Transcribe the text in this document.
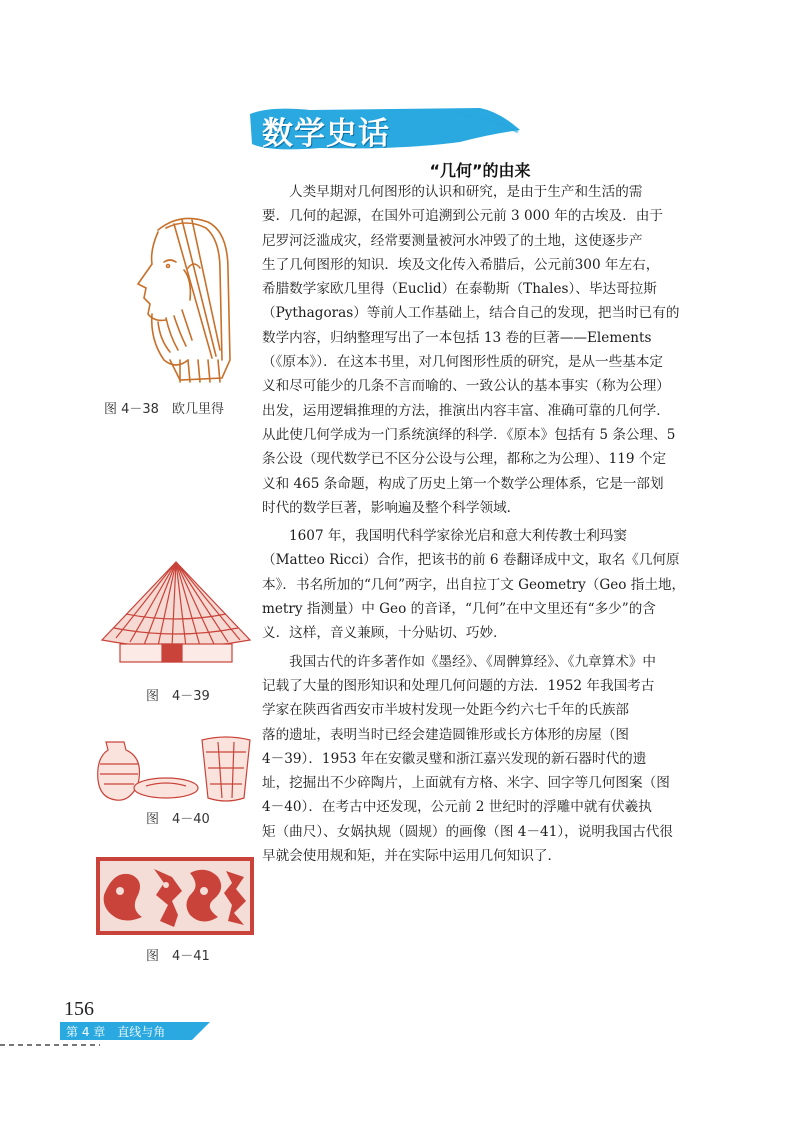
数学史话
“几何”的由来

人类早期对几何图形的认识和研究，是由于生产和生活的需
要．几何的起源，在国外可追溯到公元前 3 000 年的古埃及．由于
尼罗河泛滥成灾，经常要测量被河水冲毁了的土地，这使逐步产
生了几何图形的知识．埃及文化传入希腊后，公元前300 年左右，
希腊数学家欧几里得（Euclid）在泰勒斯（Thales）、毕达哥拉斯
（Pythagoras）等前人工作基础上，结合自己的发现，把当时已有的
数学内容，归纳整理写出了一本包括 13 卷的巨著——Elements
（《原本》）．在这本书里，对几何图形性质的研究，是从一些基本定
义和尽可能少的几条不言而喻的、一致公认的基本事实（称为公理）
出发，运用逻辑推理的方法，推演出内容丰富、准确可靠的几何学．
从此使几何学成为一门系统演绎的科学．《原本》包括有 5 条公理、5
条公设（现代数学已不区分公设与公理，都称之为公理）、119 个定
义和 465 条命题，构成了历史上第一个数学公理体系，它是一部划
时代的数学巨著，影响遍及整个科学领域．

1607 年，我国明代科学家徐光启和意大利传教士利玛窦
（Matteo Ricci）合作，把该书的前 6 卷翻译成中文，取名《几何原
本》．书名所加的“几何”两字，出自拉丁文 Geometry（Geo 指土地，
metry 指测量）中 Geo 的音译，“几何”在中文里还有“多少”的含
义．这样，音义兼顾，十分贴切、巧妙．

我国古代的许多著作如《墨经》、《周髀算经》、《九章算术》中
记载了大量的图形知识和处理几何问题的方法．1952 年我国考古
学家在陕西省西安市半坡村发现一处距今约六七千年的氏族部
落的遗址，表明当时已经会建造圆锥形或长方体形的房屋（图
4－39）．1953 年在安徽灵璧和浙江嘉兴发现的新石器时代的遗
址，挖掘出不少碎陶片，上面就有方格、米字、回字等几何图案（图
4－40）．在考古中还发现，公元前 2 世纪时的浮雕中就有伏羲执
矩（曲尺）、女娲执规（圆规）的画像（图 4－41），说明我国古代很
早就会使用规和矩，并在实际中运用几何知识了．

图 4－38　欧几里得
图　4－39
图　4－40
图　4－41
156
第 4 章　直线与角
